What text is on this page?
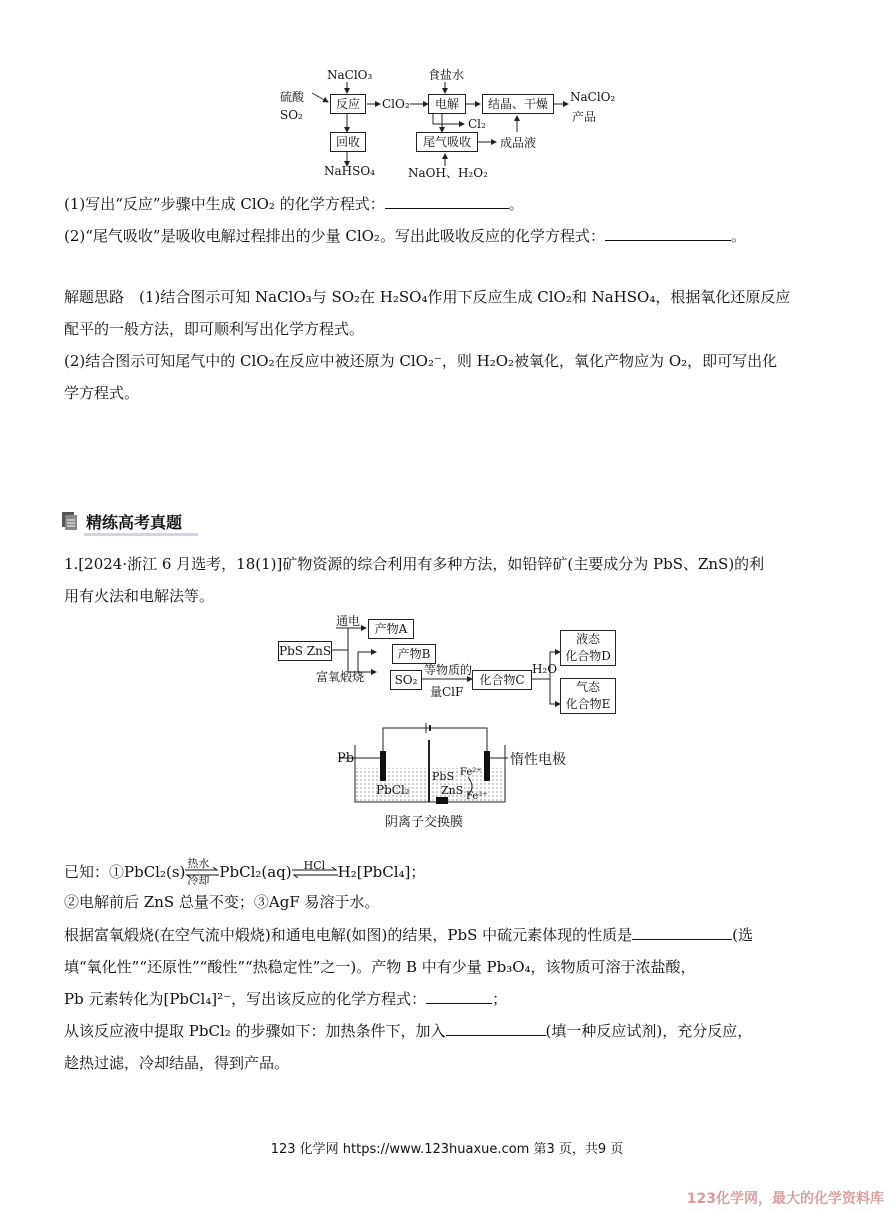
NaClO₃
硫酸
SO₂
反应	ClO₂
食盐水
电解	结晶、干燥	NaClO₂
产品
Cl₂
回收
NaHSO₄
尾气吸收	成品液
NaOH、H₂O₂
(1)写出“反应”步骤中生成 ClO₂ 的化学方程式：	。
(2)“尾气吸收”是吸收电解过程排出的少量 ClO₂。写出此吸收反应的化学方程式：	。
解题思路　(1)结合图示可知 NaClO₃与 SO₂在 H₂SO₄作用下反应生成 ClO₂和 NaHSO₄，根据氧化还原反应
配平的一般方法，即可顺利写出化学方程式。
(2)结合图示可知尾气中的 ClO₂在反应中被还原为 ClO₂⁻，则 H₂O₂被氧化，氧化产物应为 O₂，即可写出化
学方程式。
精练高考真题
1.[2024·浙江 6 月选考，18(1)]矿物资源的综合利用有多种方法，如铅锌矿(主要成分为 PbS、ZnS)的利
用有火法和电解法等。
PbS ZnS
通电
产物A
产物B
富氧煅烧	SO₂
等物质的
量ClF
化合物C
H₂O
液态
化合物D
气态
化合物E
Pb	惰性电极
PbCl₂
PbS
ZnS
Fe²⁺
Fe³⁺
阴离子交换膜
已知：①PbCl₂(s) 热水
冷却 PbCl₂(aq) HCl H₂[PbCl₄]；
②电解前后 ZnS 总量不变；③AgF 易溶于水。
根据富氧煅烧(在空气流中煅烧)和通电电解(如图)的结果，PbS 中硫元素体现的性质是	(选
填“氧化性”“还原性”“酸性”“热稳定性”之一)。产物 B 中有少量 Pb₃O₄，该物质可溶于浓盐酸，
Pb 元素转化为[PbCl₄]²⁻，写出该反应的化学方程式：	；
从该反应液中提取 PbCl₂ 的步骤如下：加热条件下，加入	(填一种反应试剂)，充分反应，
趁热过滤，冷却结晶，得到产品。
123 化学网 https://www.123huaxue.com 第3 页，共9 页
123化学网，最大的化学资料库
